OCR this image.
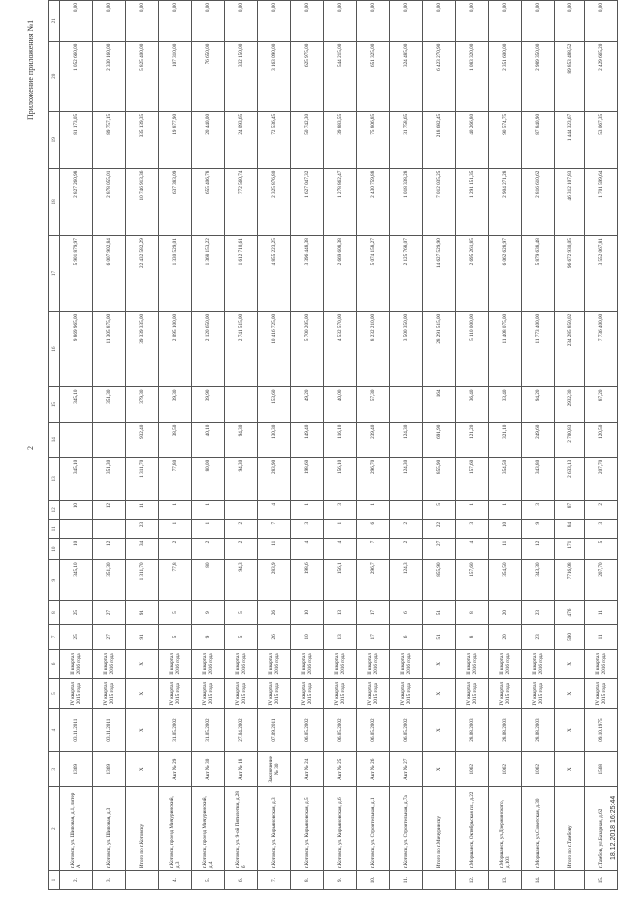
2
Приложение приложения №1
1	2	3	4	5	6	7	8	9	10	11	12	13	14	15	16	17	18	19	20	21
2.	г.Котовск, ул. Шиповая, д.1, литер А	1369	03.11.2011	IV квартал 2015 года	II квартал 2016 года	25	25	345,10	10		10	345,10		345,10	9 869 965,00	5 901 879,97	2 827 260,98	81 173,05	1 052 660,00	0,00
3.	г.Котовск, ул. Шиповая, д.3	1369	03.11.2011	IV квартал 2015 года	II квартал 2016 года	27	27	351,30	12		12	351,30		351,30	11 305 875,00	6 007 902,84	2 878 055,01	89 757,15	2 330 160,00	0,00
	Итого по г.Котовску	Х	Х	Х	Х	91	91	1 311,70	34	23	11	1 311,70	932,40	379,30	39 339 335,00	22 432 582,29	10 746 913,36	335 139,35	5 825 400,00	0,00
4.	г.Котовск, проезд Мичуринский, д.3	Акт № 29	31.05.2002	IV квартал 2015 года	II квартал 2016 года	5	5	77,8	2	1	1	77,80	38,50	39,30	2 095 100,00	1 330 529,01	637 383,09	19 877,90	107 310,00	0,00
5.	г.Котовск, проезд Мичуринский, д.4	Акт № 30	31.05.2002	IV квартал 2015 года	II квартал 2016 года	9	9	80	2	1	1	80,00	40,10	39,90	2 120 650,00	1 368 153,22	655 406,78	20 440,00	76 650,00	0,00
6.	г.Котовск, ул. 9-ой Пятилетки, д.28 б	Акт № 18	27.04.2002	IV квартал 2015 года	II квартал 2016 года	5	5	94,3	2	2		94,30	94,30		2 741 515,00	1 612 710,61	772 560,74	24 093,65	332 150,00	0,00
7.	г.Котовск, ул. Кирьяновская, д.3	Заключение № 30	07.09.2011	IV квартал 2015 года	II квартал 2016 года	26	26	283,9	11	7	4	283,90	130,30	153,60	10 416 725,00	4 855 223,25	2 325 876,80	72 536,45	3 163 090,00	0,00
8.	г.Котовск, ул. Кирьяновская, д.5	Акт № 24	06.05.2002	IV квартал 2015 года	II квартал 2016 года	10	10	198,6	4	3	1	198,60	149,40	49,20	5 700 205,00	3 396 448,38	1 627 047,32	50 742,30	625 975,00	0,00
9.	г.Котовск, ул. Кирьяновская, д.6	Акт № 25	06.05.2002	IV квартал 2015 года	II квартал 2016 года	13	13	156,1	4	1	3	156,10	116,10	40,00	4 532 570,00	2 669 608,38	1 278 862,47	39 883,55	544 215,00	0,00
10.	г.Котовск, ул. Строительная, д.1	Акт № 26	06.05.2002	IV квартал 2015 года	II квартал 2016 года	17	17	296,7	7	6	1	296,70	239,40	57,30	8 232 210,00	5 074 158,27	2 430 759,88	75 806,85	651 325,00	0,00
11.	г.Котовск, ул. Строительная, д.7а	Акт № 27	06.05.2002	IV квартал 2015 года	II квартал 2016 года	6	6	124,3	2	2		124,30	124,30		3 500 350,00	2 125 768,07	1 018 338,28	31 758,65	324 485,00	0,00
	Итого по г.Мичуринску	Х	Х	Х	Х	51	51	855,90	27	22	5	855,90	691,90	164	28 291 515,00	14 627 529,90	7 012 035,25	218 682,45	6 423 270,90	0,00
12.	г.Моршанск, Октябрьская пл., д.22	1062	28.08.2003	IV квартал 2015 года	II квартал 2016 года	8	8	157,60	4	3	1	157,60	121,20	36,40	5 110 000,00	2 695 261,85	1 291 151,35	40 266,80	1 083 320,00	0,00
13.	г.Моршанск, ул.Дзержинского, д.103	1062	28.08.2003	IV квартал 2015 года	II квартал 2016 года	20	20	354,50	11	10	1	354,50	321,10	33,40	11 408 075,00	6 062 628,97	2 904 271,28	90 574,75	2 351 600,00	0,00
14.	г.Моршанск, ул.Советская, д.30	1062	28.08.2003	IV квартал 2015 года	II квартал 2016 года	23	23	343,30	12	9	3	343,80	249,60	94,20	11 773 400,00	5 879 638,48	2 816 610,62	87 840,90	2 989 350,00	0,00
	Итого по г.Тамбову	Х	Х	Х	Х	590	476	7716,08	171	84	87	2 633,13	2 700,83	2932,30	234 285 850,02	96 672 930,05	46 312 107,83	1 444 323,67	89 853 488,52	0,00
15.	г.Тамбов, ул.Базарная, д.62	1568	09.10.1975	IV квартал 2015 года	II квартал 2016 года	11	11	207,70	5	3	2	207,70	120,50	87,20	7 736 400,00	3 552 067,81	1 701 599,64	53 067,35	2 429 665,20	0,00
18.12.2018 16:25:44
